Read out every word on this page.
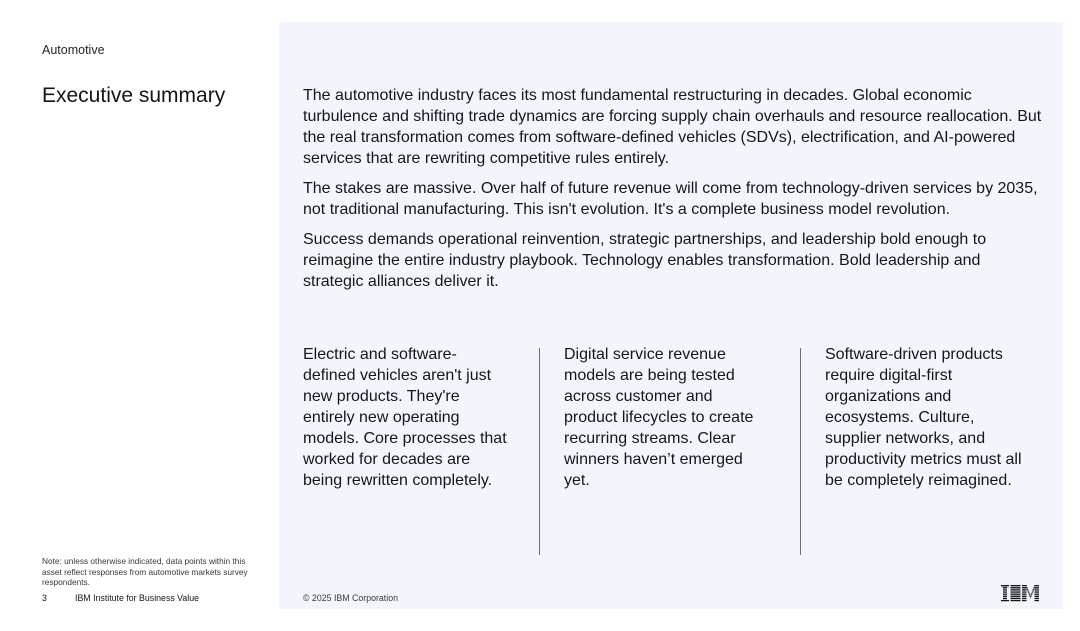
Automotive
Executive summary	The automotive industry faces its most fundamental restructuring in decades. Global economic turbulence and shifting trade dynamics are forcing supply chain overhauls and resource reallocation. But the real transformation comes from software-defined vehicles (SDVs), electrification, and AI-powered services that are rewriting competitive rules entirely.

The stakes are massive. Over half of future revenue will come from technology-driven services by 2035, not traditional manufacturing. This isn't evolution. It's a complete business model revolution.

Success demands operational reinvention, strategic partnerships, and leadership bold enough to reimagine the entire industry playbook. Technology enables transformation. Bold leadership and strategic alliances deliver it.

Electric and software-defined vehicles aren't just new products. They're entirely new operating models. Core processes that worked for decades are being rewritten completely.
Digital service revenue models are being tested across customer and product lifecycles to create recurring streams. Clear winners haven’t emerged yet.
Software-driven products require digital-first organizations and ecosystems. Culture, supplier networks, and productivity metrics must all be completely reimagined.
Note: unless otherwise indicated, data points within this asset reflect responses from automotive markets survey respondents.
3	IBM Institute for Business Value	© 2025 IBM Corporation
